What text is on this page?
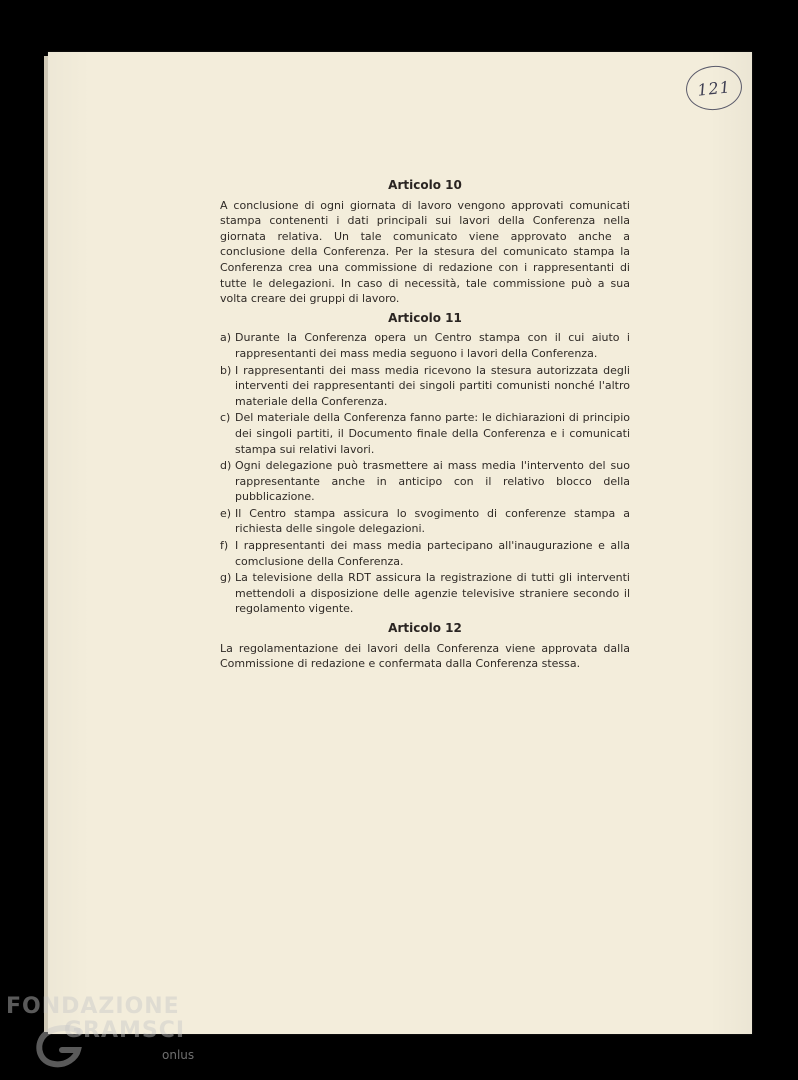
121
Articolo 10

A conclusione di ogni giornata di lavoro vengono approvati comunicati stampa contenenti i dati principali sui lavori della Conferenza nella giornata relativa. Un tale comunicato viene approvato anche a conclusione della Conferenza. Per la stesura del comunicato stampa la Conferenza crea una commissione di redazione con i rappresentanti di tutte le delegazioni. In caso di necessità, tale commissione può a sua volta creare dei gruppi di lavoro.

Articolo 11
a) Durante la Conferenza opera un Centro stampa con il cui aiuto i rappresentanti dei mass media seguono i lavori della Conferenza.
b) I rappresentanti dei mass media ricevono la stesura autorizzata degli interventi dei rappresentanti dei singoli partiti comunisti nonché l'altro materiale della Conferenza.
c) Del materiale della Conferenza fanno parte: le dichiarazioni di principio dei singoli partiti, il Documento finale della Conferenza e i comunicati stampa sui relativi lavori.
d) Ogni delegazione può trasmettere ai mass media l'intervento del suo rappresentante anche in anticipo con il relativo blocco della pubblicazione.
e) Il Centro stampa assicura lo svogimento di conferenze stampa a richiesta delle singole delegazioni.
f) I rappresentanti dei mass media partecipano all'inaugurazione e alla comclusione della Conferenza.
g) La televisione della RDT assicura la registrazione di tutti gli interventi mettendoli a disposizione delle agenzie televisive straniere secondo il regolamento vigente.
Articolo 12

La regolamentazione dei lavori della Conferenza viene approvata dalla Commissione di redazione e confermata dalla Conferenza stessa.

FONDAZIONE
GRAMSCI
onlus
